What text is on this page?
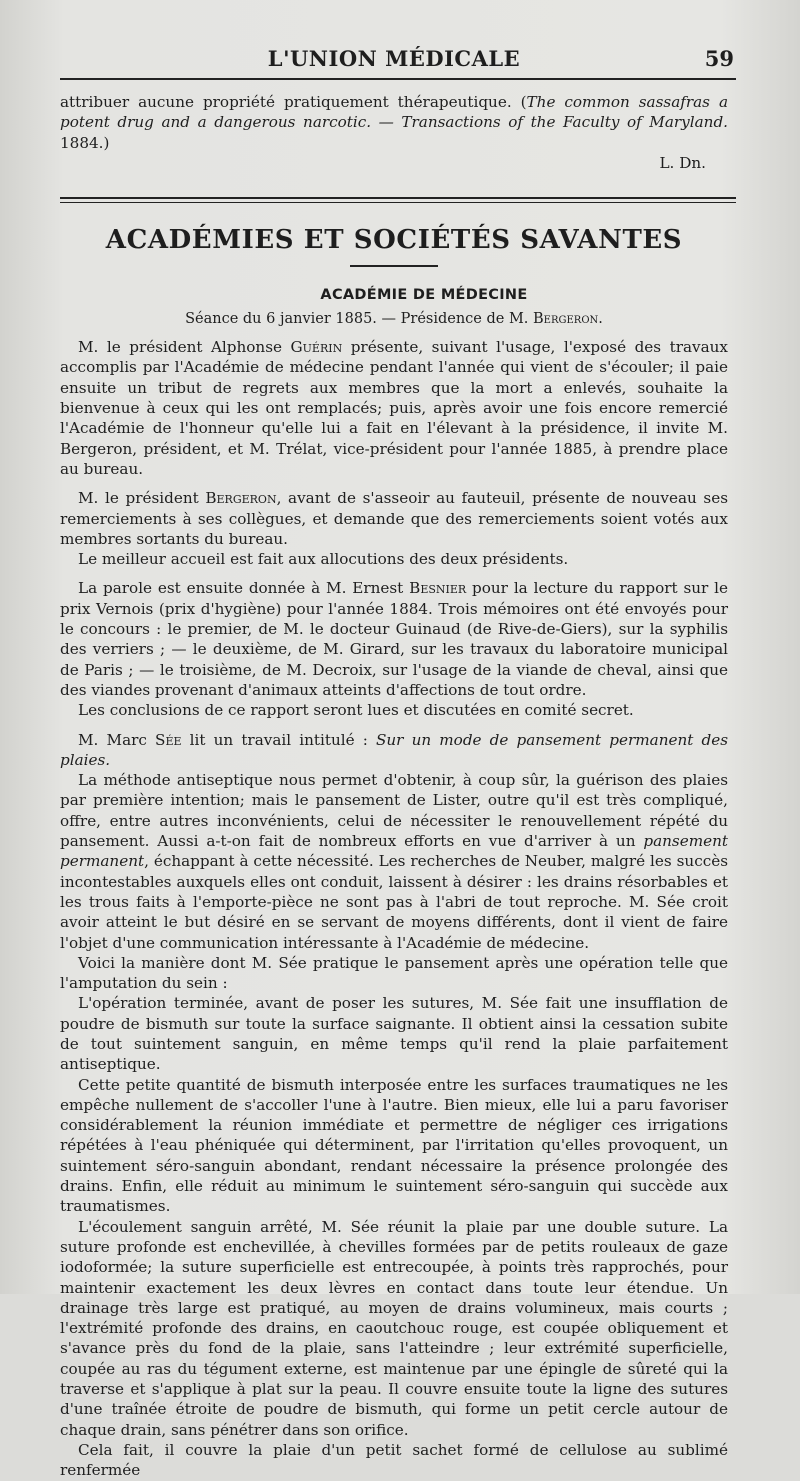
L'UNION MÉDICALE	59

attribuer aucune propriété pratiquement thérapeutique. (The common sassafras a potent drug and a dangerous narcotic. — Transactions of the Faculty of Maryland. 1884.)

L. Dn.
ACADÉMIES ET SOCIÉTÉS SAVANTES
ACADÉMIE DE MÉDECINE
Séance du 6 janvier 1885. — Présidence de M. Bergeron.

M. le président Alphonse Guérin présente, suivant l'usage, l'exposé des travaux accomplis par l'Académie de médecine pendant l'année qui vient de s'écouler; il paie ensuite un tribut de regrets aux membres que la mort a enlevés, souhaite la bienvenue à ceux qui les ont remplacés; puis, après avoir une fois encore remercié l'Académie de l'honneur qu'elle lui a fait en l'élevant à la présidence, il invite M. Bergeron, président, et M. Trélat, vice-président pour l'année 1885, à prendre place au bureau.

M. le président Bergeron, avant de s'asseoir au fauteuil, présente de nouveau ses remerciements à ses collègues, et demande que des remerciements soient votés aux membres sortants du bureau.

Le meilleur accueil est fait aux allocutions des deux présidents.

La parole est ensuite donnée à M. Ernest Besnier pour la lecture du rapport sur le prix Vernois (prix d'hygiène) pour l'année 1884. Trois mémoires ont été envoyés pour le concours : le premier, de M. le docteur Guinaud (de Rive-de-Giers), sur la syphilis des verriers ; — le deuxième, de M. Girard, sur les travaux du laboratoire municipal de Paris ; — le troisième, de M. Decroix, sur l'usage de la viande de cheval, ainsi que des viandes provenant d'animaux atteints d'affections de tout ordre.

Les conclusions de ce rapport seront lues et discutées en comité secret.

M. Marc Sée lit un travail intitulé : Sur un mode de pansement permanent des plaies.

La méthode antiseptique nous permet d'obtenir, à coup sûr, la guérison des plaies par première intention; mais le pansement de Lister, outre qu'il est très compliqué, offre, entre autres inconvénients, celui de nécessiter le renouvellement répété du pansement. Aussi a-t-on fait de nombreux efforts en vue d'arriver à un pansement permanent, échappant à cette nécessité. Les recherches de Neuber, malgré les succès incontestables auxquels elles ont conduit, laissent à désirer : les drains résorbables et les trous faits à l'emporte-pièce ne sont pas à l'abri de tout reproche. M. Sée croit avoir atteint le but désiré en se servant de moyens différents, dont il vient de faire l'objet d'une communication intéressante à l'Académie de médecine.

Voici la manière dont M. Sée pratique le pansement après une opération telle que l'amputation du sein :

L'opération terminée, avant de poser les sutures, M. Sée fait une insufflation de poudre de bismuth sur toute la surface saignante. Il obtient ainsi la cessation subite de tout suintement sanguin, en même temps qu'il rend la plaie parfaitement antiseptique.

Cette petite quantité de bismuth interposée entre les surfaces traumatiques ne les empêche nullement de s'accoller l'une à l'autre. Bien mieux, elle lui a paru favoriser considérablement la réunion immédiate et permettre de négliger ces irrigations répétées à l'eau phéniquée qui déterminent, par l'irritation qu'elles provoquent, un suintement séro-sanguin abondant, rendant nécessaire la présence prolongée des drains. Enfin, elle réduit au minimum le suintement séro-sanguin qui succède aux traumatismes.

L'écoulement sanguin arrêté, M. Sée réunit la plaie par une double suture. La suture profonde est enchevillée, à chevilles formées par de petits rouleaux de gaze iodoformée; la suture superficielle est entrecoupée, à points très rapprochés, pour maintenir exactement les deux lèvres en contact dans toute leur étendue. Un drainage très large est pratiqué, au moyen de drains volumineux, mais courts ; l'extrémité profonde des drains, en caoutchouc rouge, est coupée obliquement et s'avance près du fond de la plaie, sans l'atteindre ; leur extrémité superficielle, coupée au ras du tégument externe, est maintenue par une épingle de sûreté qui la traverse et s'applique à plat sur la peau. Il couvre ensuite toute la ligne des sutures d'une traînée étroite de poudre de bismuth, qui forme un petit cercle autour de chaque drain, sans pénétrer dans son orifice.

Cela fait, il couvre la plaie d'un petit sachet formé de cellulose au sublimé renfermée
